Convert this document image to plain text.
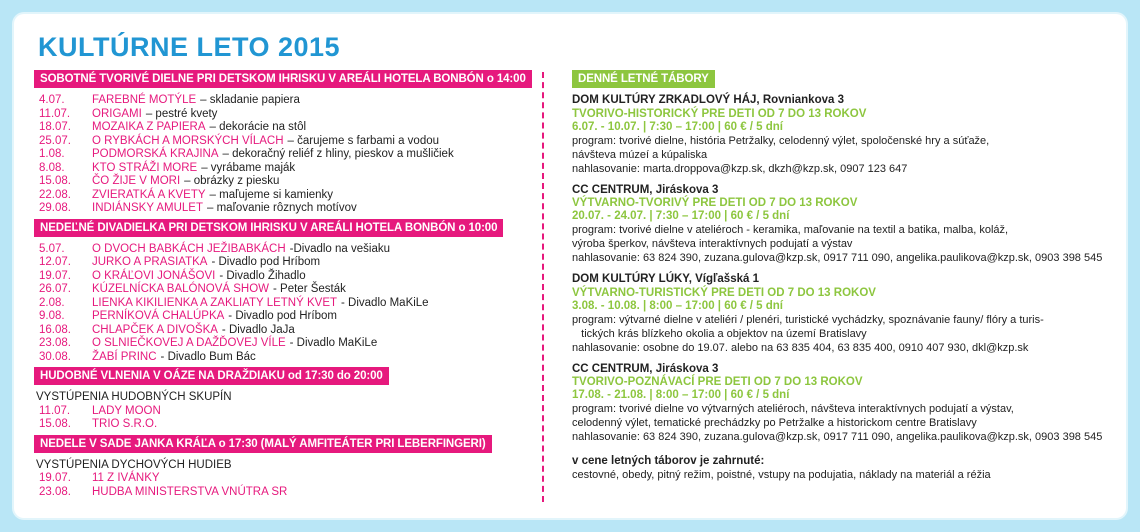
KULTÚRNE LETO 2015
SOBOTNÉ TVORIVÉ DIELNE PRI DETSKOM IHRISKU V AREÁLI HOTELA BONBÓN o 14:00
4.07.	FAREBNÉ MOTÝLE – skladanie papiera
11.07.	ORIGAMI – pestré kvety
18.07.	MOZAIKA Z PAPIERA – dekorácie na stôl
25.07.	O RYBKÁCH A MORSKÝCH VÍLACH – čarujeme s farbami a vodou
1.08.	PODMORSKÁ KRAJINA – dekoračný reliéf z hliny, pieskov a mušličiek
8.08.	KTO STRÁŽI MORE – vyrábame maják
15.08.	ČO ŽIJE V MORI – obrázky z piesku
22.08.	ZVIERATKÁ A KVETY – maľujeme si kamienky
29.08.	INDIÁNSKY AMULET – maľovanie rôznych motívov
NEDEĽNÉ DIVADIELKA PRI DETSKOM IHRISKU V AREÁLI HOTELA BONBÓN o 10:00
5.07.	O DVOCH BABKÁCH JEŽIBABKÁCH -Divadlo na vešiaku
12.07.	JURKO A PRASIATKA - Divadlo pod Hríbom
19.07.	O KRÁĽOVI JONÁŠOVI - Divadlo Žihadlo
26.07.	KÚZELNÍCKA BALÓNOVÁ SHOW - Peter Šesták
2.08.	LIENKA KIKILIENKA A ZAKLIATY LETNÝ KVET - Divadlo MaKiLe
9.08.	PERNÍKOVÁ CHALÚPKA - Divadlo pod Hríbom
16.08.	CHLAPČEK A DIVOŠKA - Divadlo JaJa
23.08.	O SLNIEČKOVEJ A DAŽĎOVEJ VÍLE - Divadlo MaKiLe
30.08.	ŽABÍ PRINC - Divadlo Bum Bác
HUDOBNÉ VLNENIA V OÁZE NA DRAŽDIAKU od 17:30 do 20:00
VYSTÚPENIA HUDOBNÝCH SKUPÍN
11.07.	LADY MOON
15.08.	TRIO S.R.O.
NEDELE V SADE JANKA KRÁĽA o 17:30 (MALÝ AMFITEÁTER PRI LEBERFINGERI)
VYSTÚPENIA DYCHOVÝCH HUDIEB
19.07.	11 Z IVÁNKY
23.08.	HUDBA MINISTERSTVA VNÚTRA SR
DENNÉ LETNÉ TÁBORY
DOM KULTÚRY ZRKADLOVÝ HÁJ, Rovniankova 3
TVORIVO-HISTORICKÝ PRE DETI OD 7 DO 13 ROKOV
6.07. - 10.07. | 7:30 – 17:00 | 60 € / 5 dní
program: tvorivé dielne, história Petržalky, celodenný výlet, spoločenské hry a súťaže,
návšteva múzeí a kúpaliska
nahlasovanie: marta.droppova@kzp.sk, dkzh@kzp.sk, 0907 123 647
CC CENTRUM, Jiráskova 3
VÝTVARNO-TVORIVÝ PRE DETI OD 7 DO 13 ROKOV
20.07. - 24.07. | 7:30 – 17:00 | 60 € / 5 dní
program: tvorivé dielne v ateliéroch - keramika, maľovanie na textil a batika, malba, koláž,
výroba šperkov, návšteva interaktívnych podujatí a výstav
nahlasovanie: 63 824 390, zuzana.gulova@kzp.sk, 0917 711 090, angelika.paulikova@kzp.sk, 0903 398 545
DOM KULTÚRY LÚKY, Vígľašská 1
VÝTVARNO-TURISTICKÝ PRE DETI OD 7 DO 13 ROKOV
3.08. - 10.08. | 8:00 – 17:00 | 60 € / 5 dní
program: výtvarné dielne v ateliéri / plenéri, turistické vychádzky, spoznávanie fauny/ flóry a turis-
tických krás blízkeho okolia a objektov na území Bratislavy
nahlasovanie: osobne do 19.07. alebo na 63 835 404, 63 835 400, 0910 407 930, dkl@kzp.sk
CC CENTRUM, Jiráskova 3
TVORIVO-POZNÁVACÍ PRE DETI OD 7 DO 13 ROKOV
17.08. - 21.08. | 8:00 – 17:00 | 60 € / 5 dní
program: tvorivé dielne vo výtvarných ateliéroch, návšteva interaktívnych podujatí a výstav,
celodenný výlet, tematické prechádzky po Petržalke a historickom centre Bratislavy
nahlasovanie: 63 824 390, zuzana.gulova@kzp.sk, 0917 711 090, angelika.paulikova@kzp.sk, 0903 398 545
v cene letných táborov je zahrnuté:
cestovné, obedy, pitný režim, poistné, vstupy na podujatia, náklady na materiál a réžia
